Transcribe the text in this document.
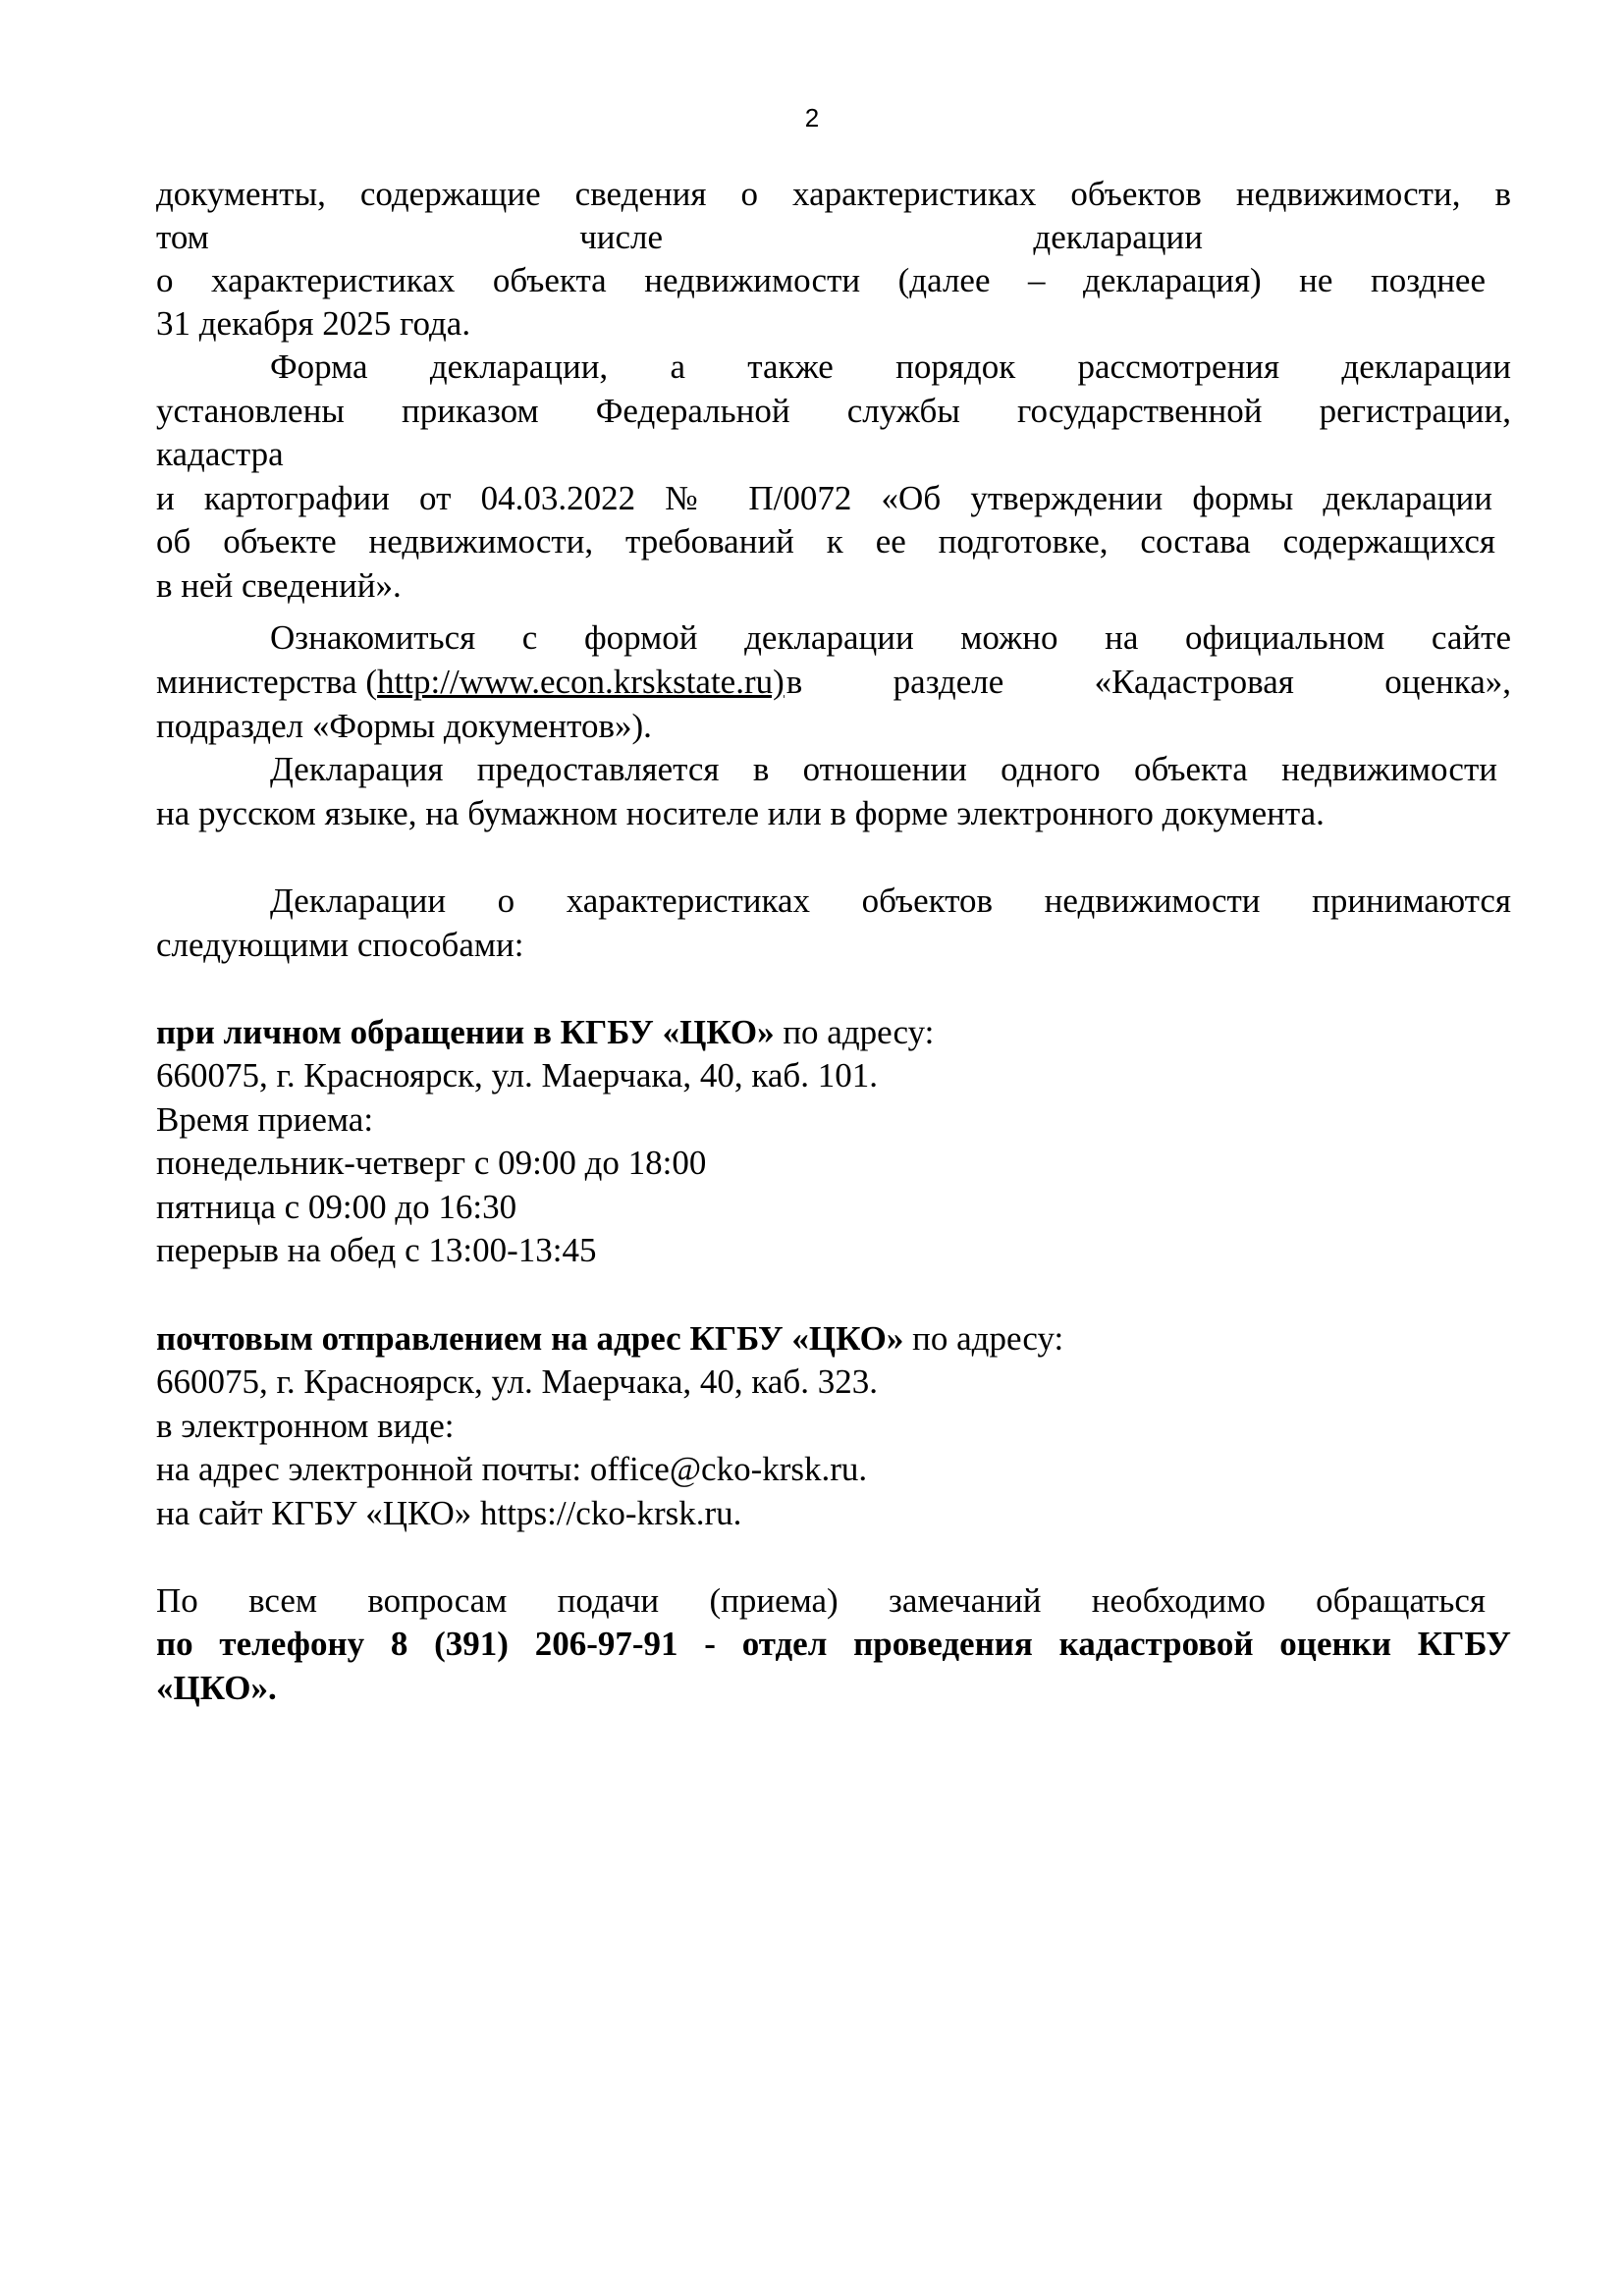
2
документы, содержащие сведения о характеристиках объектов недвижимости, в
том	числе	декларации
о характеристиках объекта недвижимости (далее – декларация) не позднее
31 декабря 2025 года.
Форма декларации, а также порядок рассмотрения декларации
установлены приказом Федеральной службы государственной регистрации,
кадастра
и картографии от 04.03.2022 № П/0072 «Об утверждении формы декларации
об объекте недвижимости, требований к ее подготовке, состава содержащихся
в ней сведений».
Ознакомиться с формой декларации можно на официальном сайте
министерства (http://www.econ.krskstate.ru) в разделе «Кадастровая оценка»,
подраздел «Формы документов»).
Декларация предоставляется в отношении одного объекта недвижимости
на русском языке, на бумажном носителе или в форме электронного документа.
Декларации о характеристиках объектов недвижимости принимаются
следующими способами:
при личном обращении в КГБУ «ЦКО» по адресу:
660075, г. Красноярск, ул. Маерчака, 40, каб. 101.
Время приема:
понедельник-четверг с 09:00 до 18:00
пятница с 09:00 до 16:30
перерыв на обед с 13:00-13:45
почтовым отправлением на адрес КГБУ «ЦКО» по адресу:
660075, г. Красноярск, ул. Маерчака, 40, каб. 323.
в электронном виде:
на адрес электронной почты: office@cko-krsk.ru.
на сайт КГБУ «ЦКО» https://cko-krsk.ru.
По всем вопросам подачи (приема) замечаний необходимо обращаться
по телефону 8 (391) 206-97-91 - отдел проведения кадастровой оценки КГБУ
«ЦКО».
